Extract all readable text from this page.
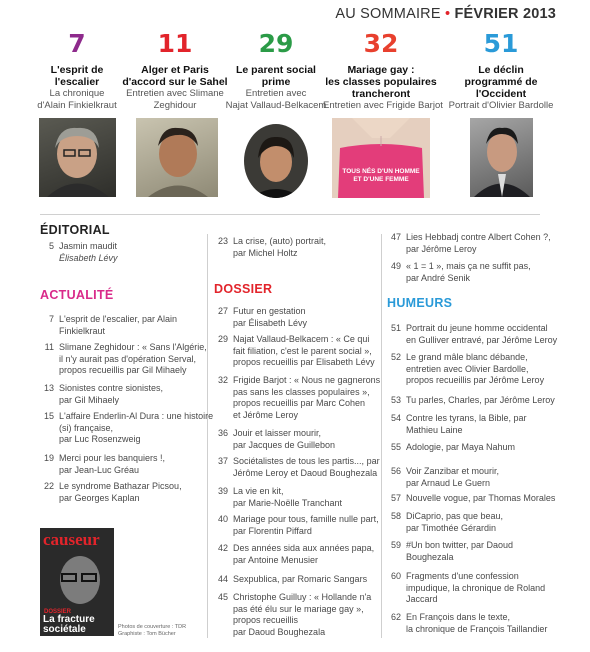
AU SOMMAIRE • FÉVRIER 2013
7
L'esprit de
l'escalier
La chronique
d'Alain Finkielkraut
11
Alger et Paris
d'accord sur le Sahel
Entretien avec Slimane
Zeghidour
29
Le parent social
prime
Entretien avec
Najat Vallaud-Belkacem
32
Mariage gay :
les classes populaires
trancheront
Entretien avec Frigide Barjot
51
Le déclin
programmé de
l'Occident
Portrait d'Olivier Bardolle
TOUS NÉS D'UN HOMME
ET D'UNE FEMME
ÉDITORIAL
ACTUALITÉ	DOSSIER
HUMEURS
5 Jasmin maudit
Élisabeth Lévy
7 L'esprit de l'escalier, par Alain
Finkielkraut
11 Slimane Zeghidour : « Sans l'Algérie,
il n'y aurait pas d'opération Serval,
propos recueillis par Gil Mihaely
13 Sionistes contre sionistes,
par Gil Mihaely
15 L'affaire Enderlin-Al Dura : une histoire
(si) française,
par Luc Rosenzweig
19 Merci pour les banquiers !,
par Jean-Luc Gréau
22 Le syndrome Bathazar Picsou,
par Georges Kaplan
23 La crise, (auto) portrait,
par Michel Holtz
27 Futur en gestation
par Élisabeth Lévy
29 Najat Vallaud-Belkacem : « Ce qui
fait filiation, c'est le parent social »,
propos recueillis par Elisabeth Lévy
32 Frigide Barjot : « Nous ne gagnerons
pas sans les classes populaires »,
propos recueillis par Marc Cohen
et Jérôme Leroy
36 Jouir et laisser mourir,
par Jacques de Guillebon
37 Sociétalistes de tous les partis..., par
Jérôme Leroy et Daoud Boughezala
39 La vie en kit,
par Marie-Noëlle Tranchant
40 Mariage pour tous, famille nulle part,
par Florentin Piffard
42 Des années sida aux années papa,
par Antoine Menusier
44 Sexpublica, par Romaric Sangars
45 Christophe Guilluy : « Hollande n'a
pas été élu sur le mariage gay »,
propos recueillis
par Daoud Boughezala
47 Lies Hebbadj contre Albert Cohen ?,
par Jérôme Leroy
49 « 1 = 1 », mais ça ne suffit pas,
par André Senik
51 Portrait du jeune homme occidental
en Gulliver entravé, par Jérôme Leroy
52 Le grand mâle blanc débande,
entretien avec Olivier Bardolle,
propos recueillis par Jérôme Leroy
53 Tu parles, Charles, par Jérôme Leroy
54 Contre les tyrans, la Bible, par
Mathieu Laine
55 Adologie, par Maya Nahum
56 Voir Zanzibar et mourir,
par Arnaud Le Guern
57 Nouvelle vogue, par Thomas Morales
58 DiCaprio, pas que beau,
par Timothée Gérardin
59 #Un bon twitter, par Daoud
Boughezala
60 Fragments d'une confession
impudique, la chronique de Roland
Jaccard
62 En François dans le texte,
la chronique de François Taillandier
causeur
DOSSIER
La fracture
sociétale	Photos de couverture : TDR
Graphiste : Tom Bücher
